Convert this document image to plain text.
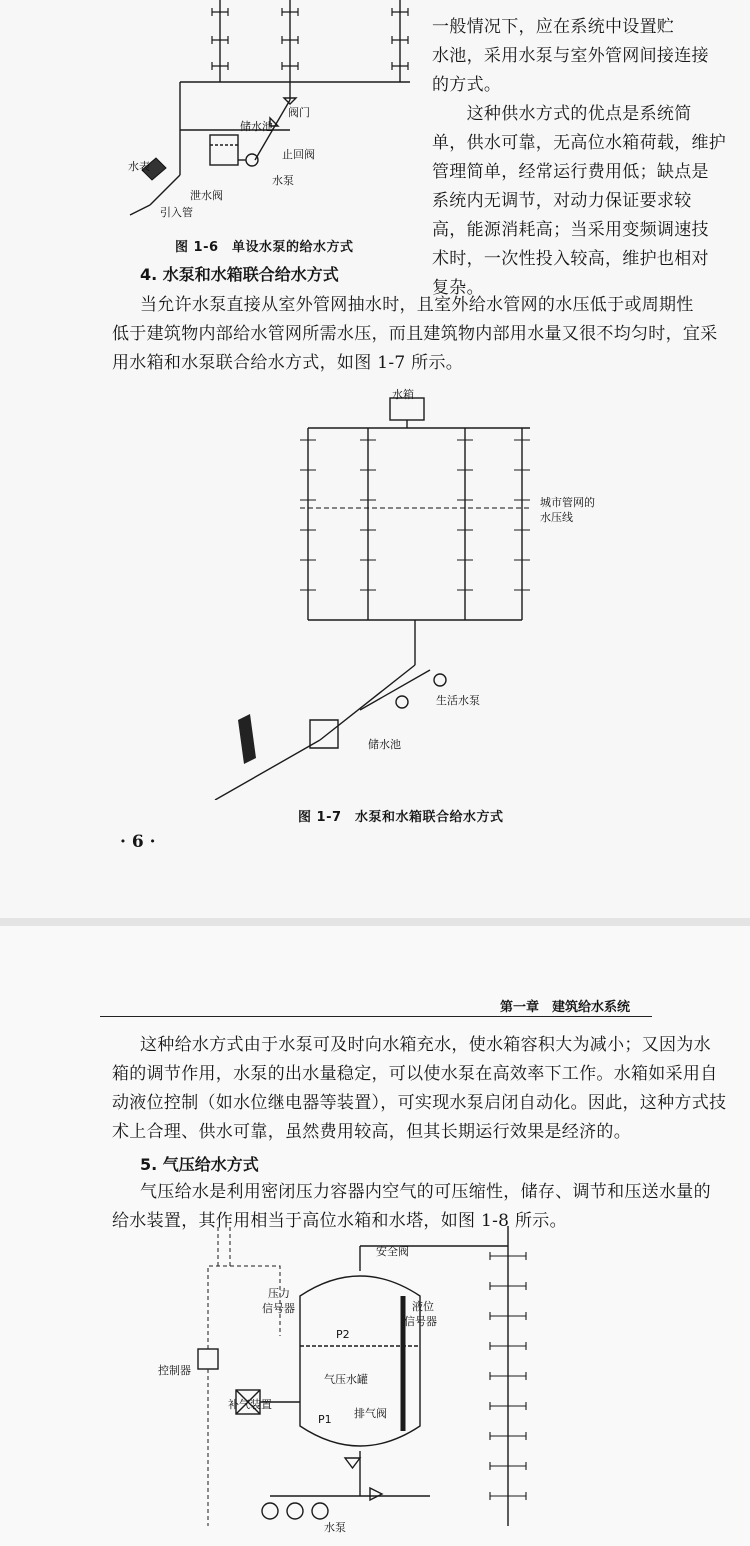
阀门
储水池
止回阀
水表
水泵
泄水阀
引入管

一般情况下，应在系统中设置贮

水池，采用水泵与室外管网间接连接

的方式。

　　这种供水方式的优点是系统简

单，供水可靠，无高位水箱荷载，维护

管理简单，经常运行费用低；缺点是

系统内无调节，对动力保证要求较

高，能源消耗高；当采用变频调速技

术时，一次性投入较高，维护也相对

复杂。

图 1-6　单设水泵的给水方式
4. 水泵和水箱联合给水方式

当允许水泵直接从室外管网抽水时，且室外给水管网的水压低于或周期性

低于建筑物内部给水管网所需水压，而且建筑物内部用水量又很不均匀时，宜采

用水箱和水泵联合给水方式，如图 1-7 所示。

水箱
城市管网的
水压线
生活水泵
储水池
图 1-7　水泵和水箱联合给水方式
· 6 ·
第一章　建筑给水系统

这种给水方式由于水泵可及时向水箱充水，使水箱容积大为减小；又因为水

箱的调节作用，水泵的出水量稳定，可以使水泵在高效率下工作。水箱如采用自

动液位控制（如水位继电器等装置），可实现水泵启闭自动化。因此，这种方式技

术上合理、供水可靠，虽然费用较高，但其长期运行效果是经济的。

5. 气压给水方式

气压给水是利用密闭压力容器内空气的可压缩性，储存、调节和压送水量的

给水装置，其作用相当于高位水箱和水塔，如图 1-8 所示。

安全阀
压力
信号器	液位
信号器
P2
气压水罐
控制器
补气装置
P1 排气阀
水泵
